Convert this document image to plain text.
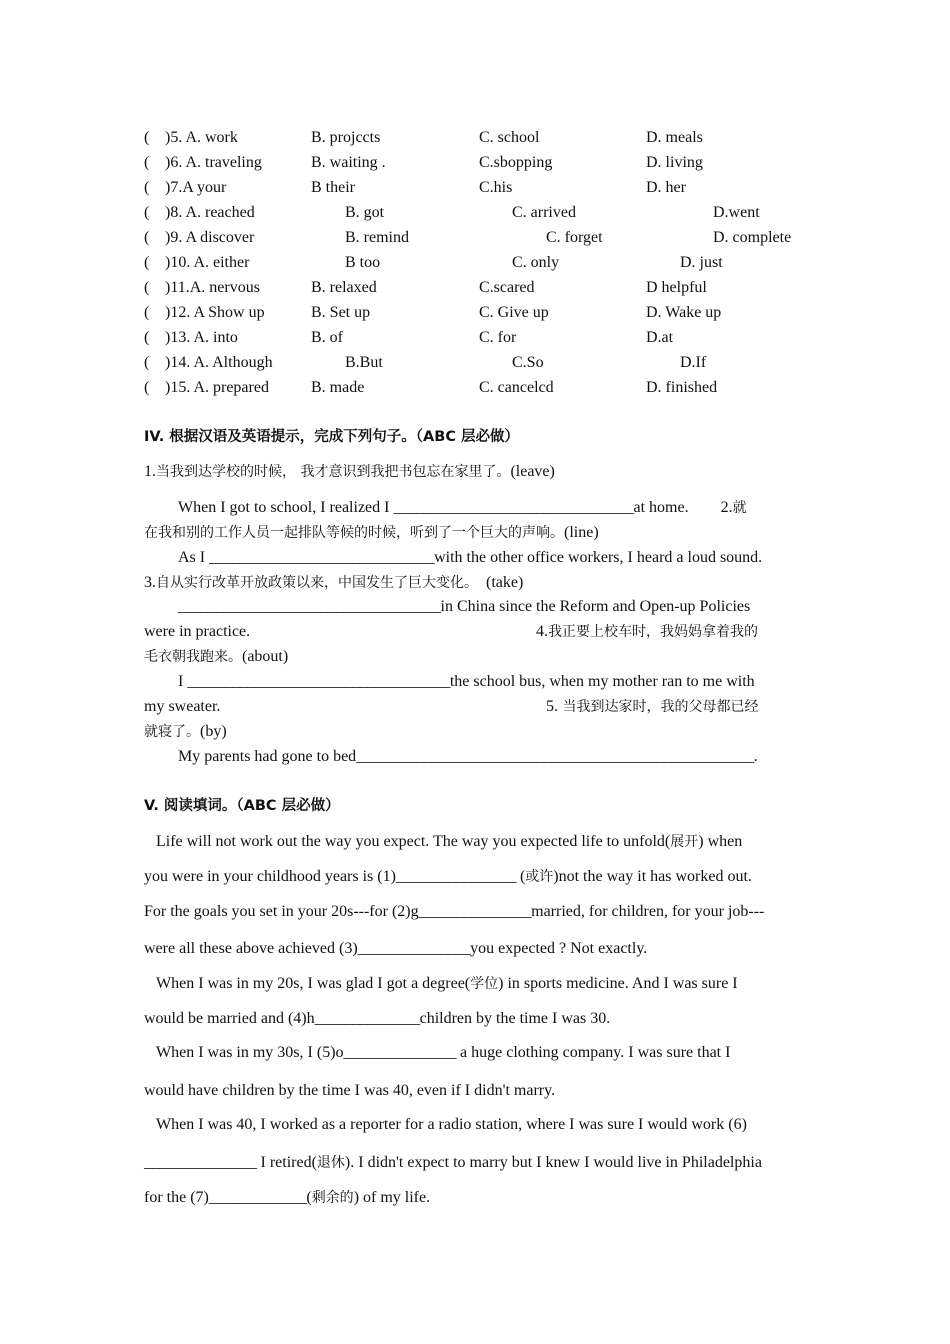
( )5. A. work	B. projccts	C. school	D. meals
( )6. A. traveling	B. waiting .	C.sbopping	D. living
( )7.A your	B their	C.his	D. her
( )8. A. reached	B. got	C. arrived	D.went
( )9. A discover	B. remind	C. forget	D. complete
( )10. A. either	B too	C. only	D. just
( )11.A. nervous	B. relaxed	C.scared	D helpful
( )12. A Show up	B. Set up	C. Give up	D. Wake up
( )13. A. into	B. of	C. for	D.at
( )14. A. Although	B.But	C.So	D.If
( )15. A. prepared	B. made	C. cancelcd	D. finished
IV. 根据汉语及英语提示，完成下列句子。（ABC 层必做）
1.当我到达学校的时候， 我才意识到我把书包忘在家里了。(leave)
When I got to school, I realized I ________________________________at home.        2.就
在我和别的工作人员一起排队等候的时候，听到了一个巨大的声响。(line)
As I ______________________________with the other office workers, I heard a loud sound.
3.自从实行改革开放政策以来，中国发生了巨大变化。  (take)
___________________________________in China since the Reform and Open-up Policies
were in practice.	4.我正要上校车时，我妈妈拿着我的
毛衣朝我跑来。(about)
I ___________________________________the school bus, when my mother ran to me with
my sweater.	5. 当我到达家时，我的父母都已经
就寝了。(by)
My parents had gone to bed_____________________________________________________.
V. 阅读填词。（ABC 层必做）
Life will not work out the way you expect. The way you expected life to unfold(展开) when
you were in your childhood years is (1)________________ (或许)not the way it has worked out.
For the goals you set in your 20s---for (2)g_______________married, for children, for your job---
were all these above achieved (3)_______________you expected ? Not exactly.
When I was in my 20s, I was glad I got a degree(学位) in sports medicine. And I was sure I
would be married and (4)h______________children by the time I was 30.
When I was in my 30s, I (5)o_______________ a huge clothing company. I was sure that I
would have children by the time I was 40, even if I didn't marry.
When I was 40, I worked as a reporter for a radio station, where I was sure I would work (6)
_______________ I retired(退休). I didn't expect to marry but I knew I would live in Philadelphia
for the (7)_____________(剩余的) of my life.
